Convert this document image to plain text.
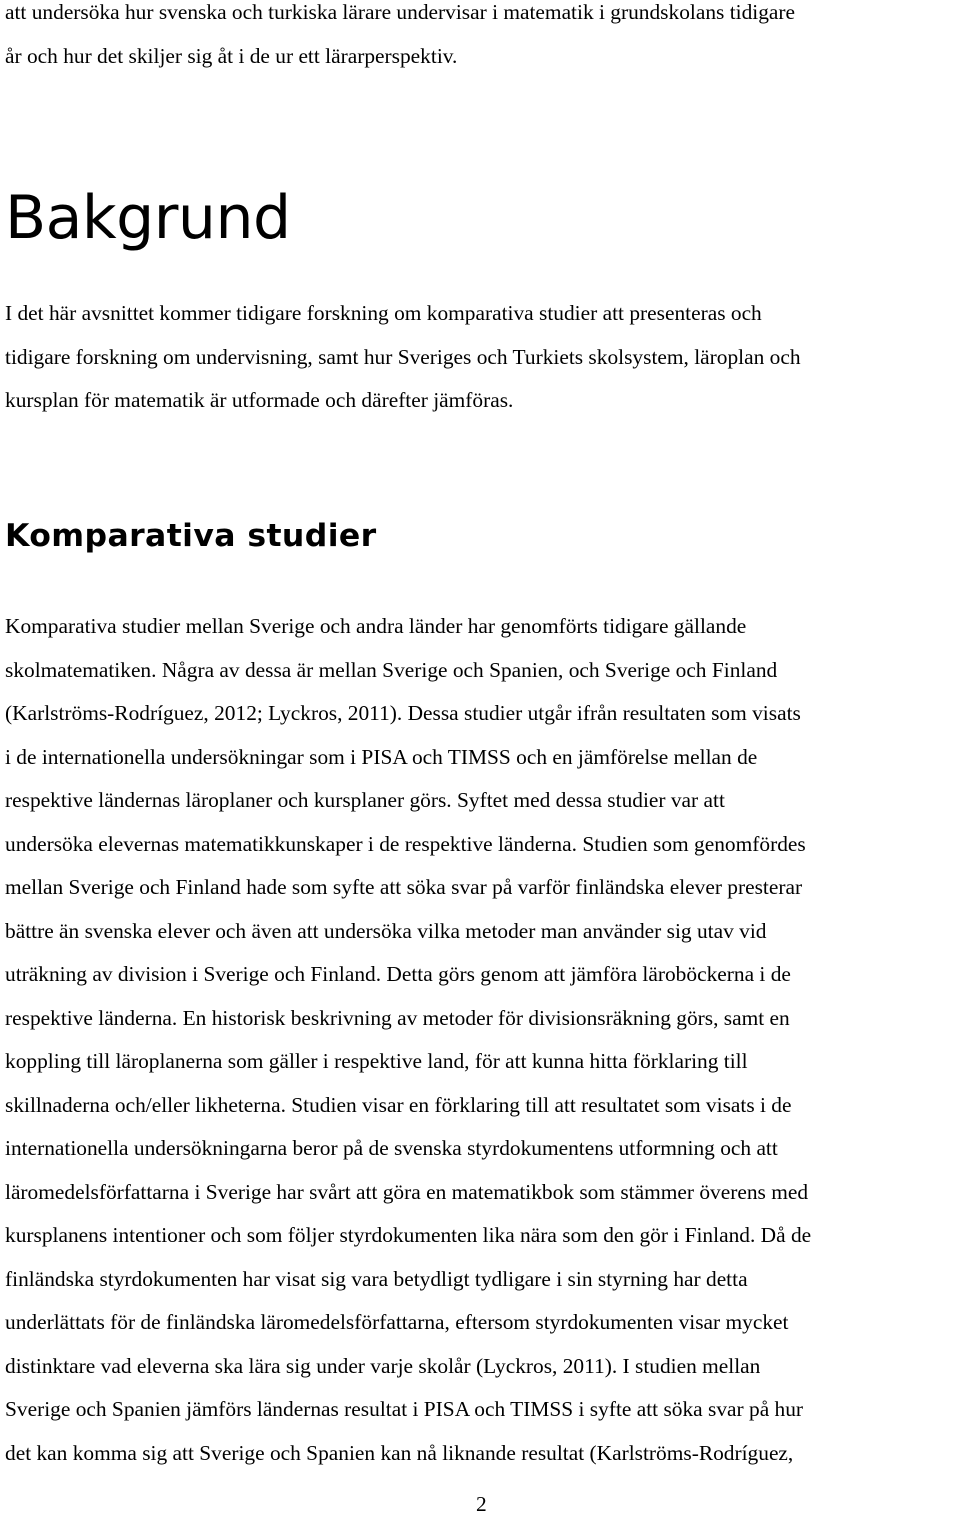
att undersöka hur svenska och turkiska lärare undervisar i matematik i grundskolans tidigare
år och hur det skiljer sig åt i de ur ett lärarperspektiv.

Bakgrund

I det här avsnittet kommer tidigare forskning om komparativa studier att presenteras och
tidigare forskning om undervisning, samt hur Sveriges och Turkiets skolsystem, läroplan och
kursplan för matematik är utformade och därefter jämföras.

Komparativa studier

Komparativa studier mellan Sverige och andra länder har genomförts tidigare gällande
skolmatematiken. Några av dessa är mellan Sverige och Spanien, och Sverige och Finland
(Karlströms-Rodríguez, 2012; Lyckros, 2011). Dessa studier utgår ifrån resultaten som visats
i de internationella undersökningar som i PISA och TIMSS och en jämförelse mellan de
respektive ländernas läroplaner och kursplaner görs. Syftet med dessa studier var att
undersöka elevernas matematikkunskaper i de respektive länderna. Studien som genomfördes
mellan Sverige och Finland hade som syfte att söka svar på varför finländska elever presterar
bättre än svenska elever och även att undersöka vilka metoder man använder sig utav vid
uträkning av division i Sverige och Finland. Detta görs genom att jämföra läroböckerna i de
respektive länderna. En historisk beskrivning av metoder för divisionsräkning görs, samt en
koppling till läroplanerna som gäller i respektive land, för att kunna hitta förklaring till
skillnaderna och/eller likheterna. Studien visar en förklaring till att resultatet som visats i de
internationella undersökningarna beror på de svenska styrdokumentens utformning och att
läromedelsförfattarna i Sverige har svårt att göra en matematikbok som stämmer överens med
kursplanens intentioner och som följer styrdokumenten lika nära som den gör i Finland. Då de
finländska styrdokumenten har visat sig vara betydligt tydligare i sin styrning har detta
underlättats för de finländska läromedelsförfattarna, eftersom styrdokumenten visar mycket
distinktare vad eleverna ska lära sig under varje skolår (Lyckros, 2011). I studien mellan
Sverige och Spanien jämförs ländernas resultat i PISA och TIMSS i syfte att söka svar på hur
det kan komma sig att Sverige och Spanien kan nå liknande resultat (Karlströms-Rodríguez,

2
